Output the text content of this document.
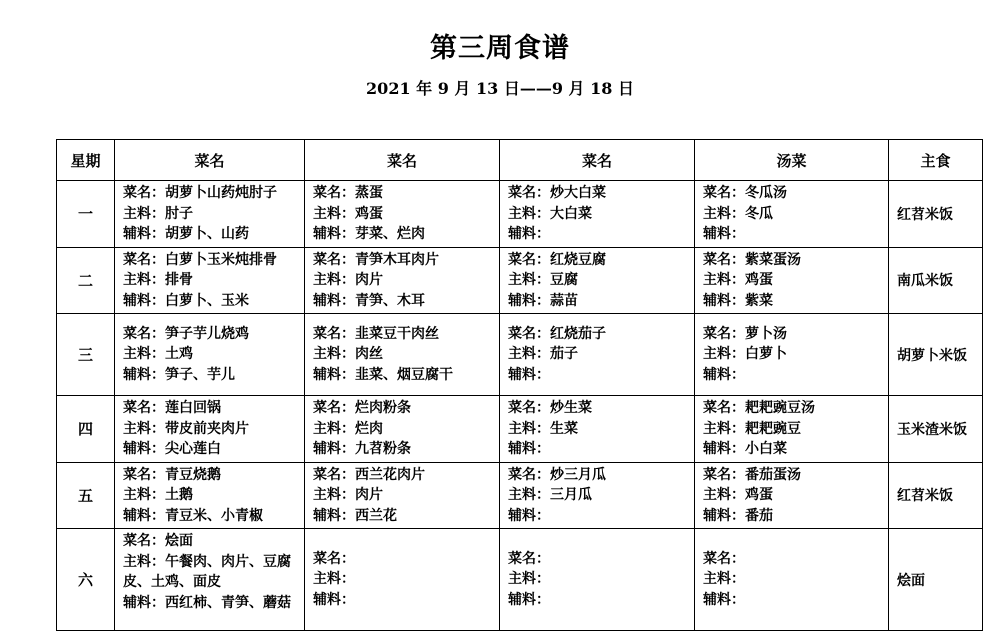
第三周食谱
2021 年 9 月 13 日——9 月 18 日
星期	菜名	菜名	菜名	汤菜	主食
一	菜名：胡萝卜山药炖肘子
主料：肘子
辅料：胡萝卜、山药	菜名：蒸蛋
主料：鸡蛋
辅料：芽菜、烂肉	菜名：炒大白菜
主料：大白菜
辅料：	菜名：冬瓜汤
主料：冬瓜
辅料：	红苕米饭
二	菜名：白萝卜玉米炖排骨
主料：排骨
辅料：白萝卜、玉米	菜名：青笋木耳肉片
主料：肉片
辅料：青笋、木耳	菜名：红烧豆腐
主料：豆腐
辅料：蒜苗	菜名：紫菜蛋汤
主料：鸡蛋
辅料：紫菜	南瓜米饭
三	菜名：笋子芋儿烧鸡
主料：土鸡
辅料：笋子、芋儿	菜名：韭菜豆干肉丝
主料：肉丝
辅料：韭菜、烟豆腐干	菜名：红烧茄子
主料：茄子
辅料：	菜名：萝卜汤
主料：白萝卜
辅料：	胡萝卜米饭
四	菜名：莲白回锅
主料：带皮前夹肉片
辅料：尖心莲白	菜名：烂肉粉条
主料：烂肉
辅料：九苕粉条	菜名：炒生菜
主料：生菜
辅料：	菜名：耙耙豌豆汤
主料：耙耙豌豆
辅料：小白菜	玉米渣米饭
五	菜名：青豆烧鹅
主料：土鹅
辅料：青豆米、小青椒	菜名：西兰花肉片
主料：肉片
辅料：西兰花	菜名：炒三月瓜
主料：三月瓜
辅料：	菜名：番茄蛋汤
主料：鸡蛋
辅料：番茄	红苕米饭
六	菜名：烩面
主料：午餐肉、肉片、豆腐皮、土鸡、面皮
辅料：西红柿、青笋、蘑菇	菜名：
主料：
辅料：	菜名：
主料：
辅料：	菜名：
主料：
辅料：	烩面
